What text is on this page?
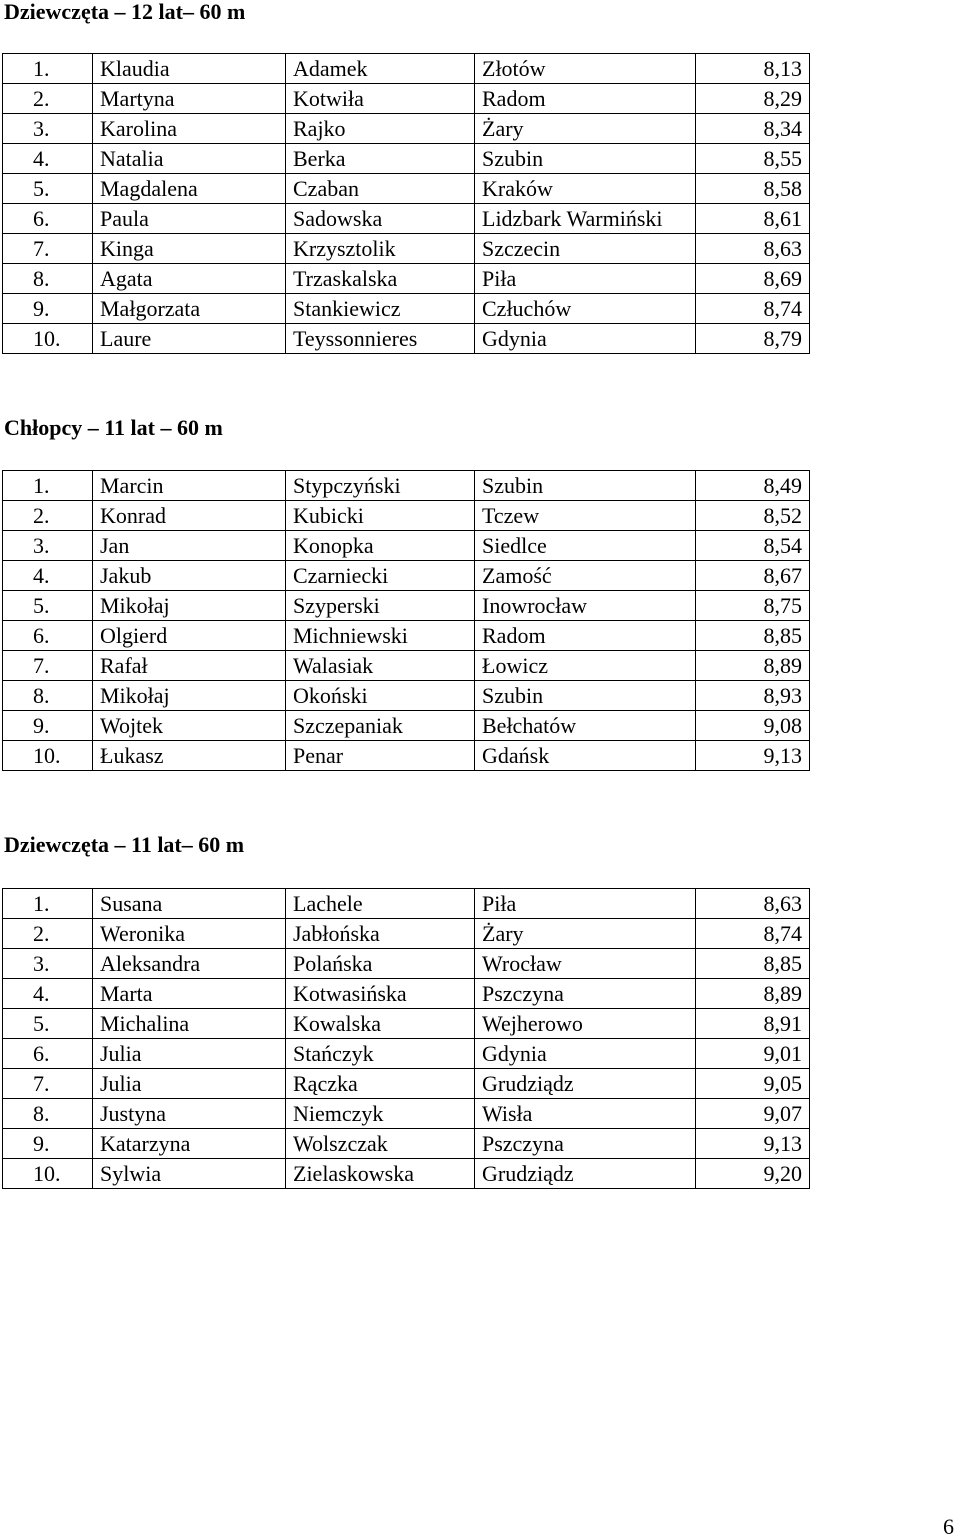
Dziewczęta – 12 lat– 60 m
1.	Klaudia	Adamek	Złotów	8,13
2.	Martyna	Kotwiła	Radom	8,29
3.	Karolina	Rajko	Żary	8,34
4.	Natalia	Berka	Szubin	8,55
5.	Magdalena	Czaban	Kraków	8,58
6.	Paula	Sadowska	Lidzbark Warmiński	8,61
7.	Kinga	Krzysztolik	Szczecin	8,63
8.	Agata	Trzaskalska	Piła	8,69
9.	Małgorzata	Stankiewicz	Człuchów	8,74
10.	Laure	Teyssonnieres	Gdynia	8,79
Chłopcy – 11 lat – 60 m
1.	Marcin	Stypczyński	Szubin	8,49
2.	Konrad	Kubicki	Tczew	8,52
3.	Jan	Konopka	Siedlce	8,54
4.	Jakub	Czarniecki	Zamość	8,67
5.	Mikołaj	Szyperski	Inowrocław	8,75
6.	Olgierd	Michniewski	Radom	8,85
7.	Rafał	Walasiak	Łowicz	8,89
8.	Mikołaj	Okoński	Szubin	8,93
9.	Wojtek	Szczepaniak	Bełchatów	9,08
10.	Łukasz	Penar	Gdańsk	9,13
Dziewczęta – 11 lat– 60 m
1.	Susana	Lachele	Piła	8,63
2.	Weronika	Jabłońska	Żary	8,74
3.	Aleksandra	Polańska	Wrocław	8,85
4.	Marta	Kotwasińska	Pszczyna	8,89
5.	Michalina	Kowalska	Wejherowo	8,91
6.	Julia	Stańczyk	Gdynia	9,01
7.	Julia	Rączka	Grudziądz	9,05
8.	Justyna	Niemczyk	Wisła	9,07
9.	Katarzyna	Wolszczak	Pszczyna	9,13
10.	Sylwia	Zielaskowska	Grudziądz	9,20
6
